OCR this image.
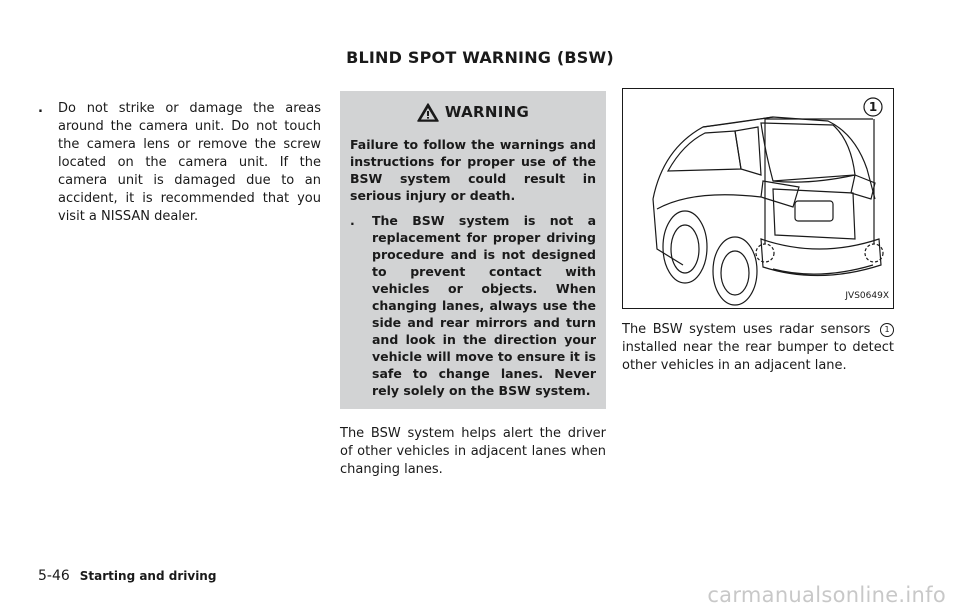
BLIND SPOT WARNING (BSW)
.	Do not strike or damage the areas around the camera unit. Do not touch the camera lens or remove the screw located on the camera unit. If the camera unit is damaged due to an accident, it is recommended that you visit a NISSAN dealer.
WARNING

Failure to follow the warnings and instructions for proper use of the BSW system could result in serious injury or death.

.	The BSW system is not a replacement for proper driving procedure and is not designed to prevent contact with vehicles or objects. When changing lanes, always use the side and rear mirrors and turn and look in the direction your vehicle will move to ensure it is safe to change lanes. Never rely solely on the BSW system.
The BSW system helps alert the driver of other vehicles in adjacent lanes when changing lanes.
1
JVS0649X
The BSW system uses radar sensors 1 installed near the rear bumper to detect other vehicles in an adjacent lane.
5-46 Starting and driving
carmanualsonline.info
